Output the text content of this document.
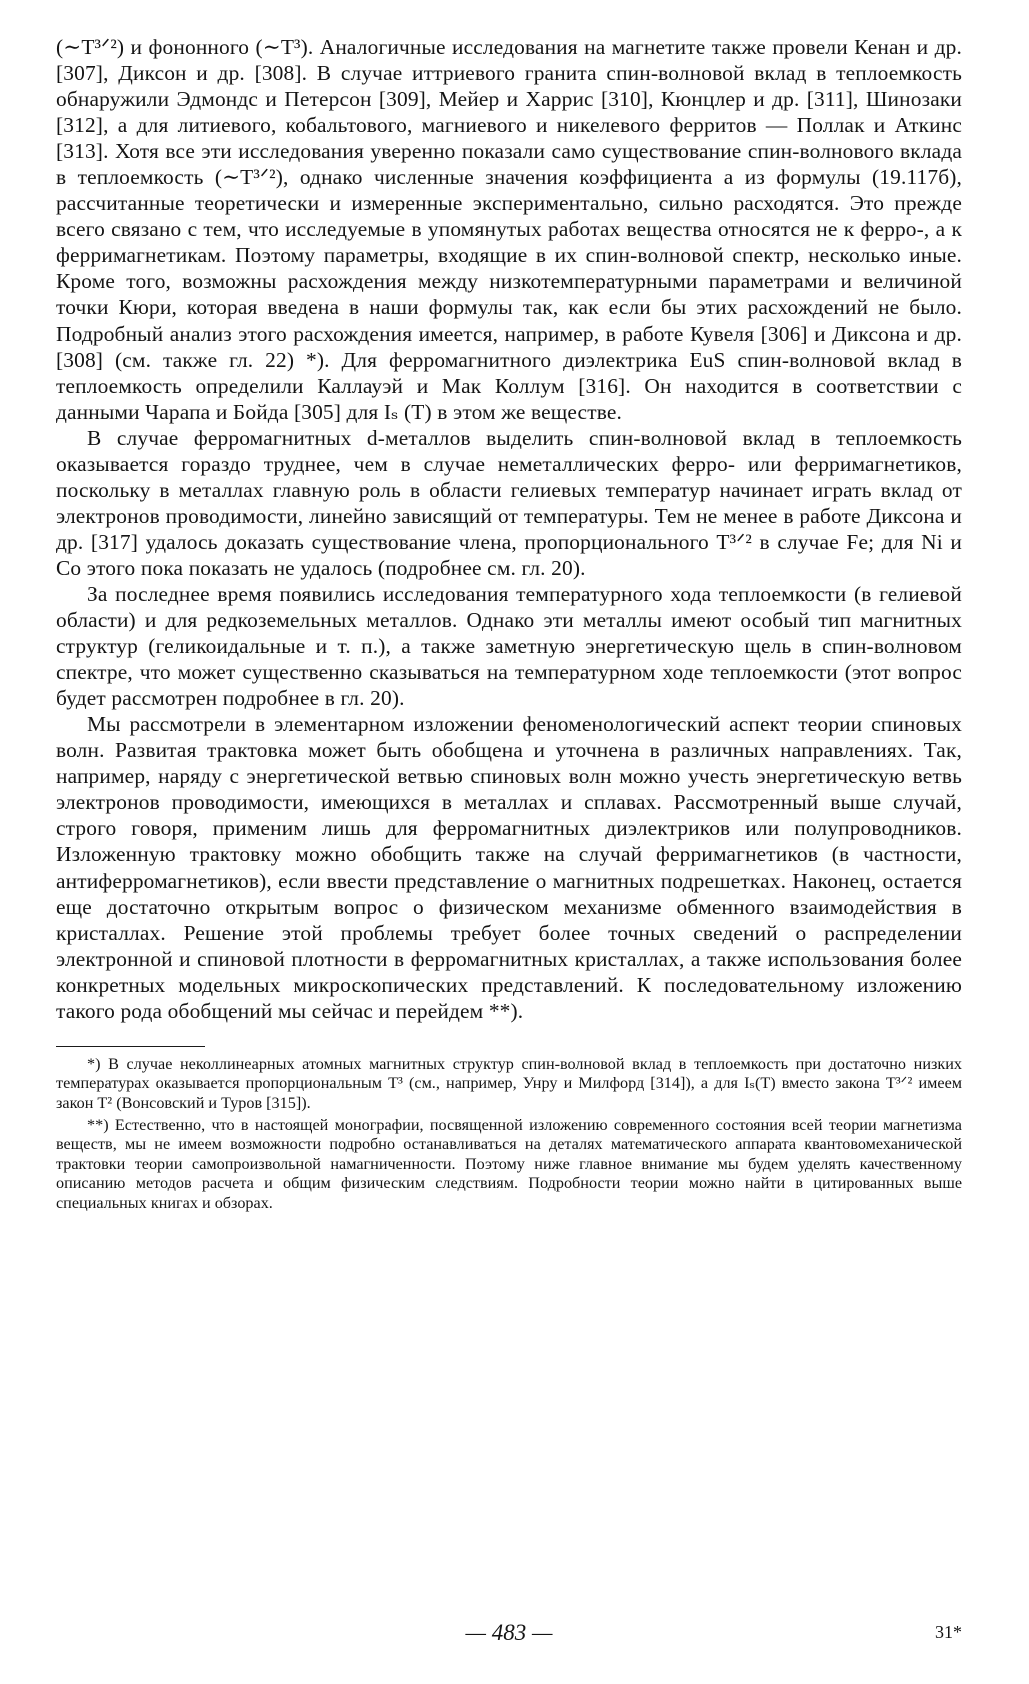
(∼T³ᐟ²) и фононного (∼T³). Аналогичные исследования на магнетите также провели Кенан и др. [307], Диксон и др. [308]. В случае иттриевого гранита спин-волновой вклад в теплоемкость обнаружили Эдмондс и Петерсон [309], Мейер и Харрис [310], Кюнцлер и др. [311], Шинозаки [312], а для литиевого, кобальтового, магниевого и никелевого ферритов — Поллак и Аткинс [313]. Хотя все эти исследования уверенно показали само существование спин-волнового вклада в теплоемкость (∼T³ᐟ²), однако численные значения коэффициента a из формулы (19.117б), рассчитанные теоретически и измеренные экспериментально, сильно расходятся. Это прежде всего связано с тем, что исследуемые в упомянутых работах вещества относятся не к ферро-, а к ферримагнетикам. Поэтому параметры, входящие в их спин-волновой спектр, несколько иные. Кроме того, возможны расхождения между низкотемпературными параметрами и величиной точки Кюри, которая введена в наши формулы так, как если бы этих расхождений не было. Подробный анализ этого расхождения имеется, например, в работе Кувеля [306] и Диксона и др. [308] (см. также гл. 22) *). Для ферромагнитного диэлектрика EuS спин-волновой вклад в теплоемкость определили Каллауэй и Мак Коллум [316]. Он находится в соответствии с данными Чарапа и Бойда [305] для Iₛ (T) в этом же веществе.

В случае ферромагнитных d-металлов выделить спин-волновой вклад в теплоемкость оказывается гораздо труднее, чем в случае неметаллических ферро- или ферримагнетиков, поскольку в металлах главную роль в области гелиевых температур начинает играть вклад от электронов проводимости, линейно зависящий от температуры. Тем не менее в работе Диксона и др. [317] удалось доказать существование члена, пропорционального T³ᐟ² в случае Fe; для Ni и Co этого пока показать не удалось (подробнее см. гл. 20).

За последнее время появились исследования температурного хода теплоемкости (в гелиевой области) и для редкоземельных металлов. Однако эти металлы имеют особый тип магнитных структур (геликоидальные и т. п.), а также заметную энергетическую щель в спин-волновом спектре, что может существенно сказываться на температурном ходе теплоемкости (этот вопрос будет рассмотрен подробнее в гл. 20).

Мы рассмотрели в элементарном изложении феноменологический аспект теории спиновых волн. Развитая трактовка может быть обобщена и уточнена в различных направлениях. Так, например, наряду с энергетической ветвью спиновых волн можно учесть энергетическую ветвь электронов проводимости, имеющихся в металлах и сплавах. Рассмотренный выше случай, строго говоря, применим лишь для ферромагнитных диэлектриков или полупроводников. Изложенную трактовку можно обобщить также на случай ферримагнетиков (в частности, антиферромагнетиков), если ввести представление о магнитных подрешетках. Наконец, остается еще достаточно открытым вопрос о физическом механизме обменного взаимодействия в кристаллах. Решение этой проблемы требует более точных сведений о распределении электронной и спиновой плотности в ферромагнитных кристаллах, а также использования более конкретных модельных микроскопических представлений. К последовательному изложению такого рода обобщений мы сейчас и перейдем **).

*) В случае неколлинеарных атомных магнитных структур спин-волновой вклад в теплоемкость при достаточно низких температурах оказывается пропорциональным T³ (см., например, Унру и Милфорд [314]), а для Iₛ(T) вместо закона T³ᐟ² имеем закон T² (Вонсовский и Туров [315]).

**) Естественно, что в настоящей монографии, посвященной изложению современного состояния всей теории магнетизма веществ, мы не имеем возможности подробно останавливаться на деталях математического аппарата квантовомеханической трактовки теории самопроизвольной намагниченности. Поэтому ниже главное внимание мы будем уделять качественному описанию методов расчета и общим физическим следствиям. Подробности теории можно найти в цитированных выше специальных книгах и обзорах.

— 483 —	31*
